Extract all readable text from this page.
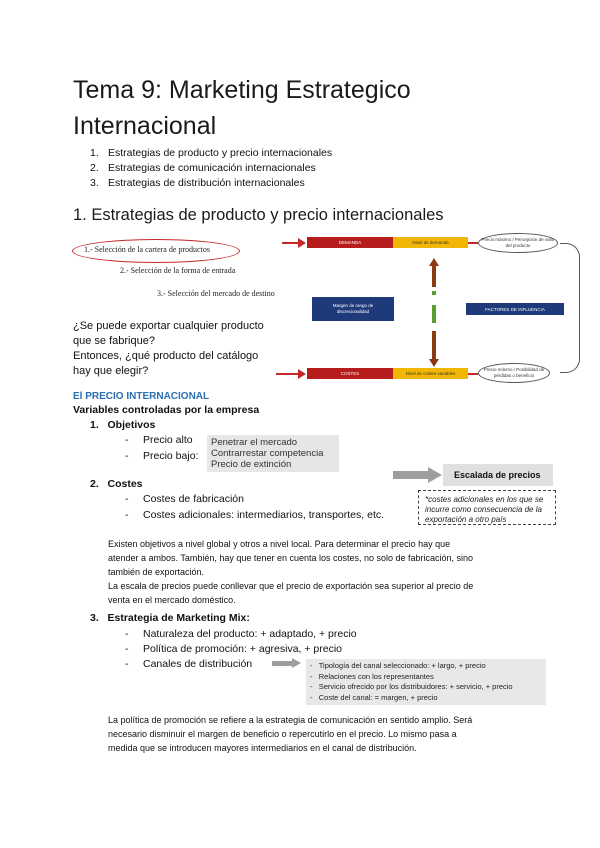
Tema 9: Marketing Estrategico Internacional
1. Estrategias de producto y precio internacionales
2. Estrategias de comunicación internacionales
3. Estrategias de distribución internacionales
1. Estrategias de producto y precio internacionales
1.- Selección de la cartera de productos
2.- Selección de la forma de entrada
3.- Selección del mercado de destino
DEMANDA	Nivel de demanda
Precio máximo / Percepción de valor del producto
Margen de rango de discrecionalidad	FACTORES DE INFLUENCIA
COSTES	Nivel de costes variables
Precio mínimo / Posibilidad de pérdidas o beneficio
¿Se puede exportar cualquier producto que se fabrique?
Entonces, ¿qué producto del catálogo hay que elegir?
El PRECIO INTERNACIONAL
Variables controladas por la empresa
1.   Objetivos
Precio alto
Precio bajo:
Penetrar el mercado
Contrarrestar competencia
Precio de extinción
Escalada de precios
2.   Costes
Costes de fabricación
Costes adicionales: intermediarios, transportes, etc.
*costes adicionales en los que se incurre como consecuencia de la exportación a otro país
Existen objetivos a nivel global y otros a nivel local. Para determinar el precio hay que
atender a ambos. También, hay que tener en cuenta los costes, no solo de fabricación, sino
también de exportación.
La escala de precios puede conllevar que el precio de exportación sea superior al precio de
venta en el mercado doméstico.
3.   Estrategia de Marketing Mix:
Naturaleza del producto: + adaptado, + precio
Política de promoción: + agresiva, + precio
Canales de distribución	-   Tipología del canal seleccionado: + largo, + precio
-   Relaciones con los representantes
-   Servicio ofrecido por los distribuidores: + servicio, + precio
-   Coste del canal: = margen, + precio
La política de promoción se refiere a la estrategia de comunicación en sentido amplio. Será
necesario disminuir el margen de beneficio o repercutirlo en el precio. Lo mismo pasa a
medida que se introducen mayores intermediarios en el canal de distribución.
